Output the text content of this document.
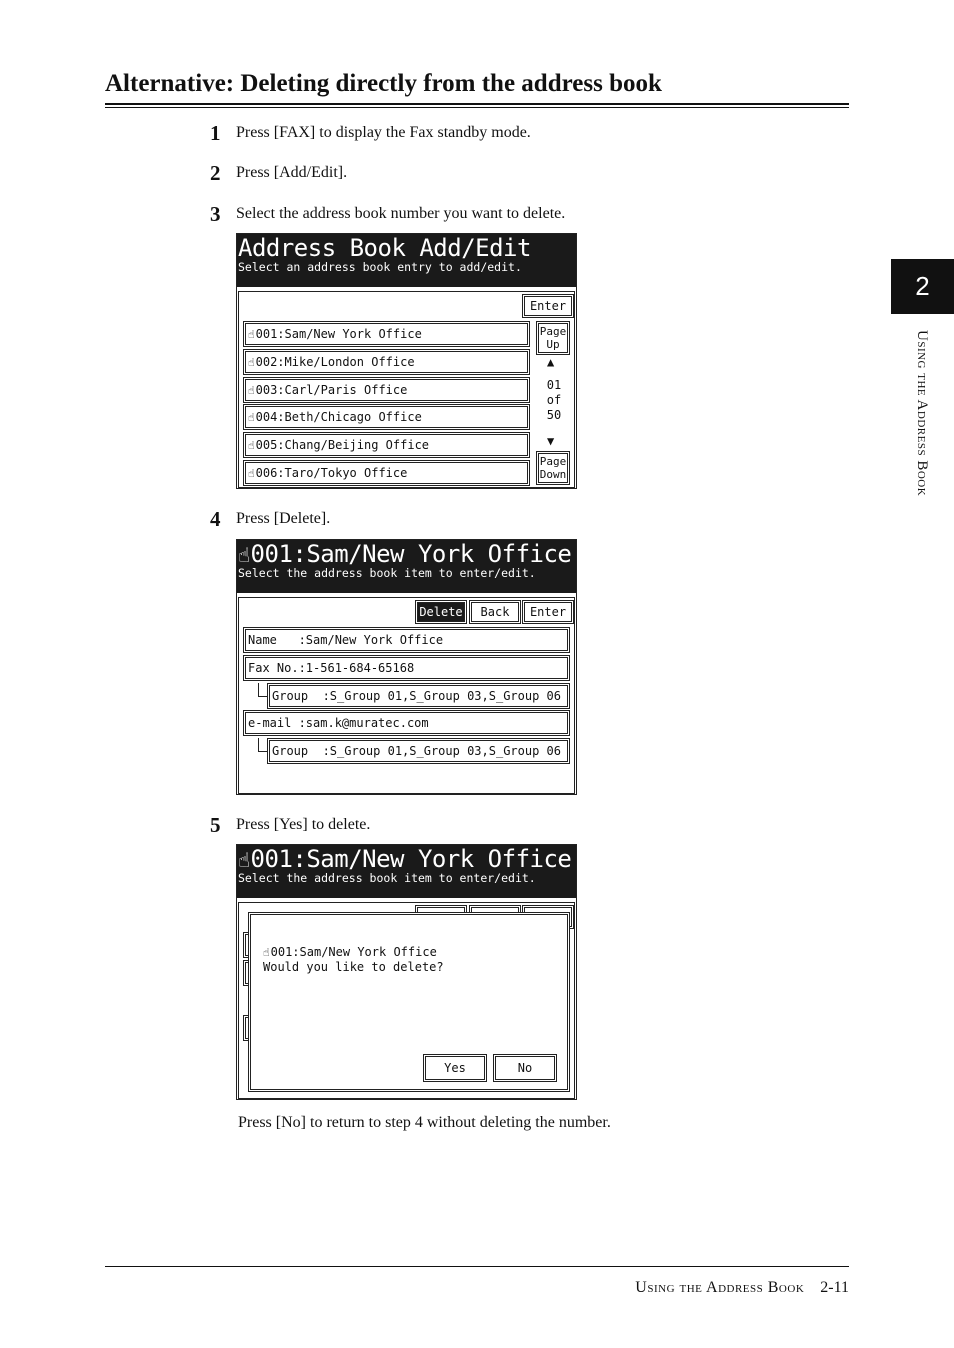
Alternative: Deleting directly from the address book
2
Using the Address Book
1 Press [FAX] to display the Fax standby mode.
2 Press [Add/Edit].
3 Select the address book number you want to delete.
Address Book Add/Edit
Select an address book entry to add/edit.
Enter
☝ 001:Sam/New York Office
☝ 002:Mike/London Office
☝ 003:Carl/Paris Office
☝ 004:Beth/Chicago Office
☝ 005:Chang/Beijing Office
☝ 006:Taro/Tokyo Office
Page
Up
▲
01
of
50
▼
Page
Down
4 Press [Delete].
☝001:Sam/New York Office
Select the address book item to enter/edit.
Delete	Back	Enter
Name   :Sam/New York Office
Fax No.:1-561-684-65168
Group  :S_Group 01,S_Group 03,S_Group 06
e-mail :sam.k@muratec.com
Group  :S_Group 01,S_Group 03,S_Group 06
5 Press [Yes] to delete.
☝001:Sam/New York Office
Select the address book item to enter/edit.
☝001:Sam/New York Office
Would you like to delete?
Yes	No
Press [No] to return to step 4 without deleting the number.
Using the Address Book 2-11
